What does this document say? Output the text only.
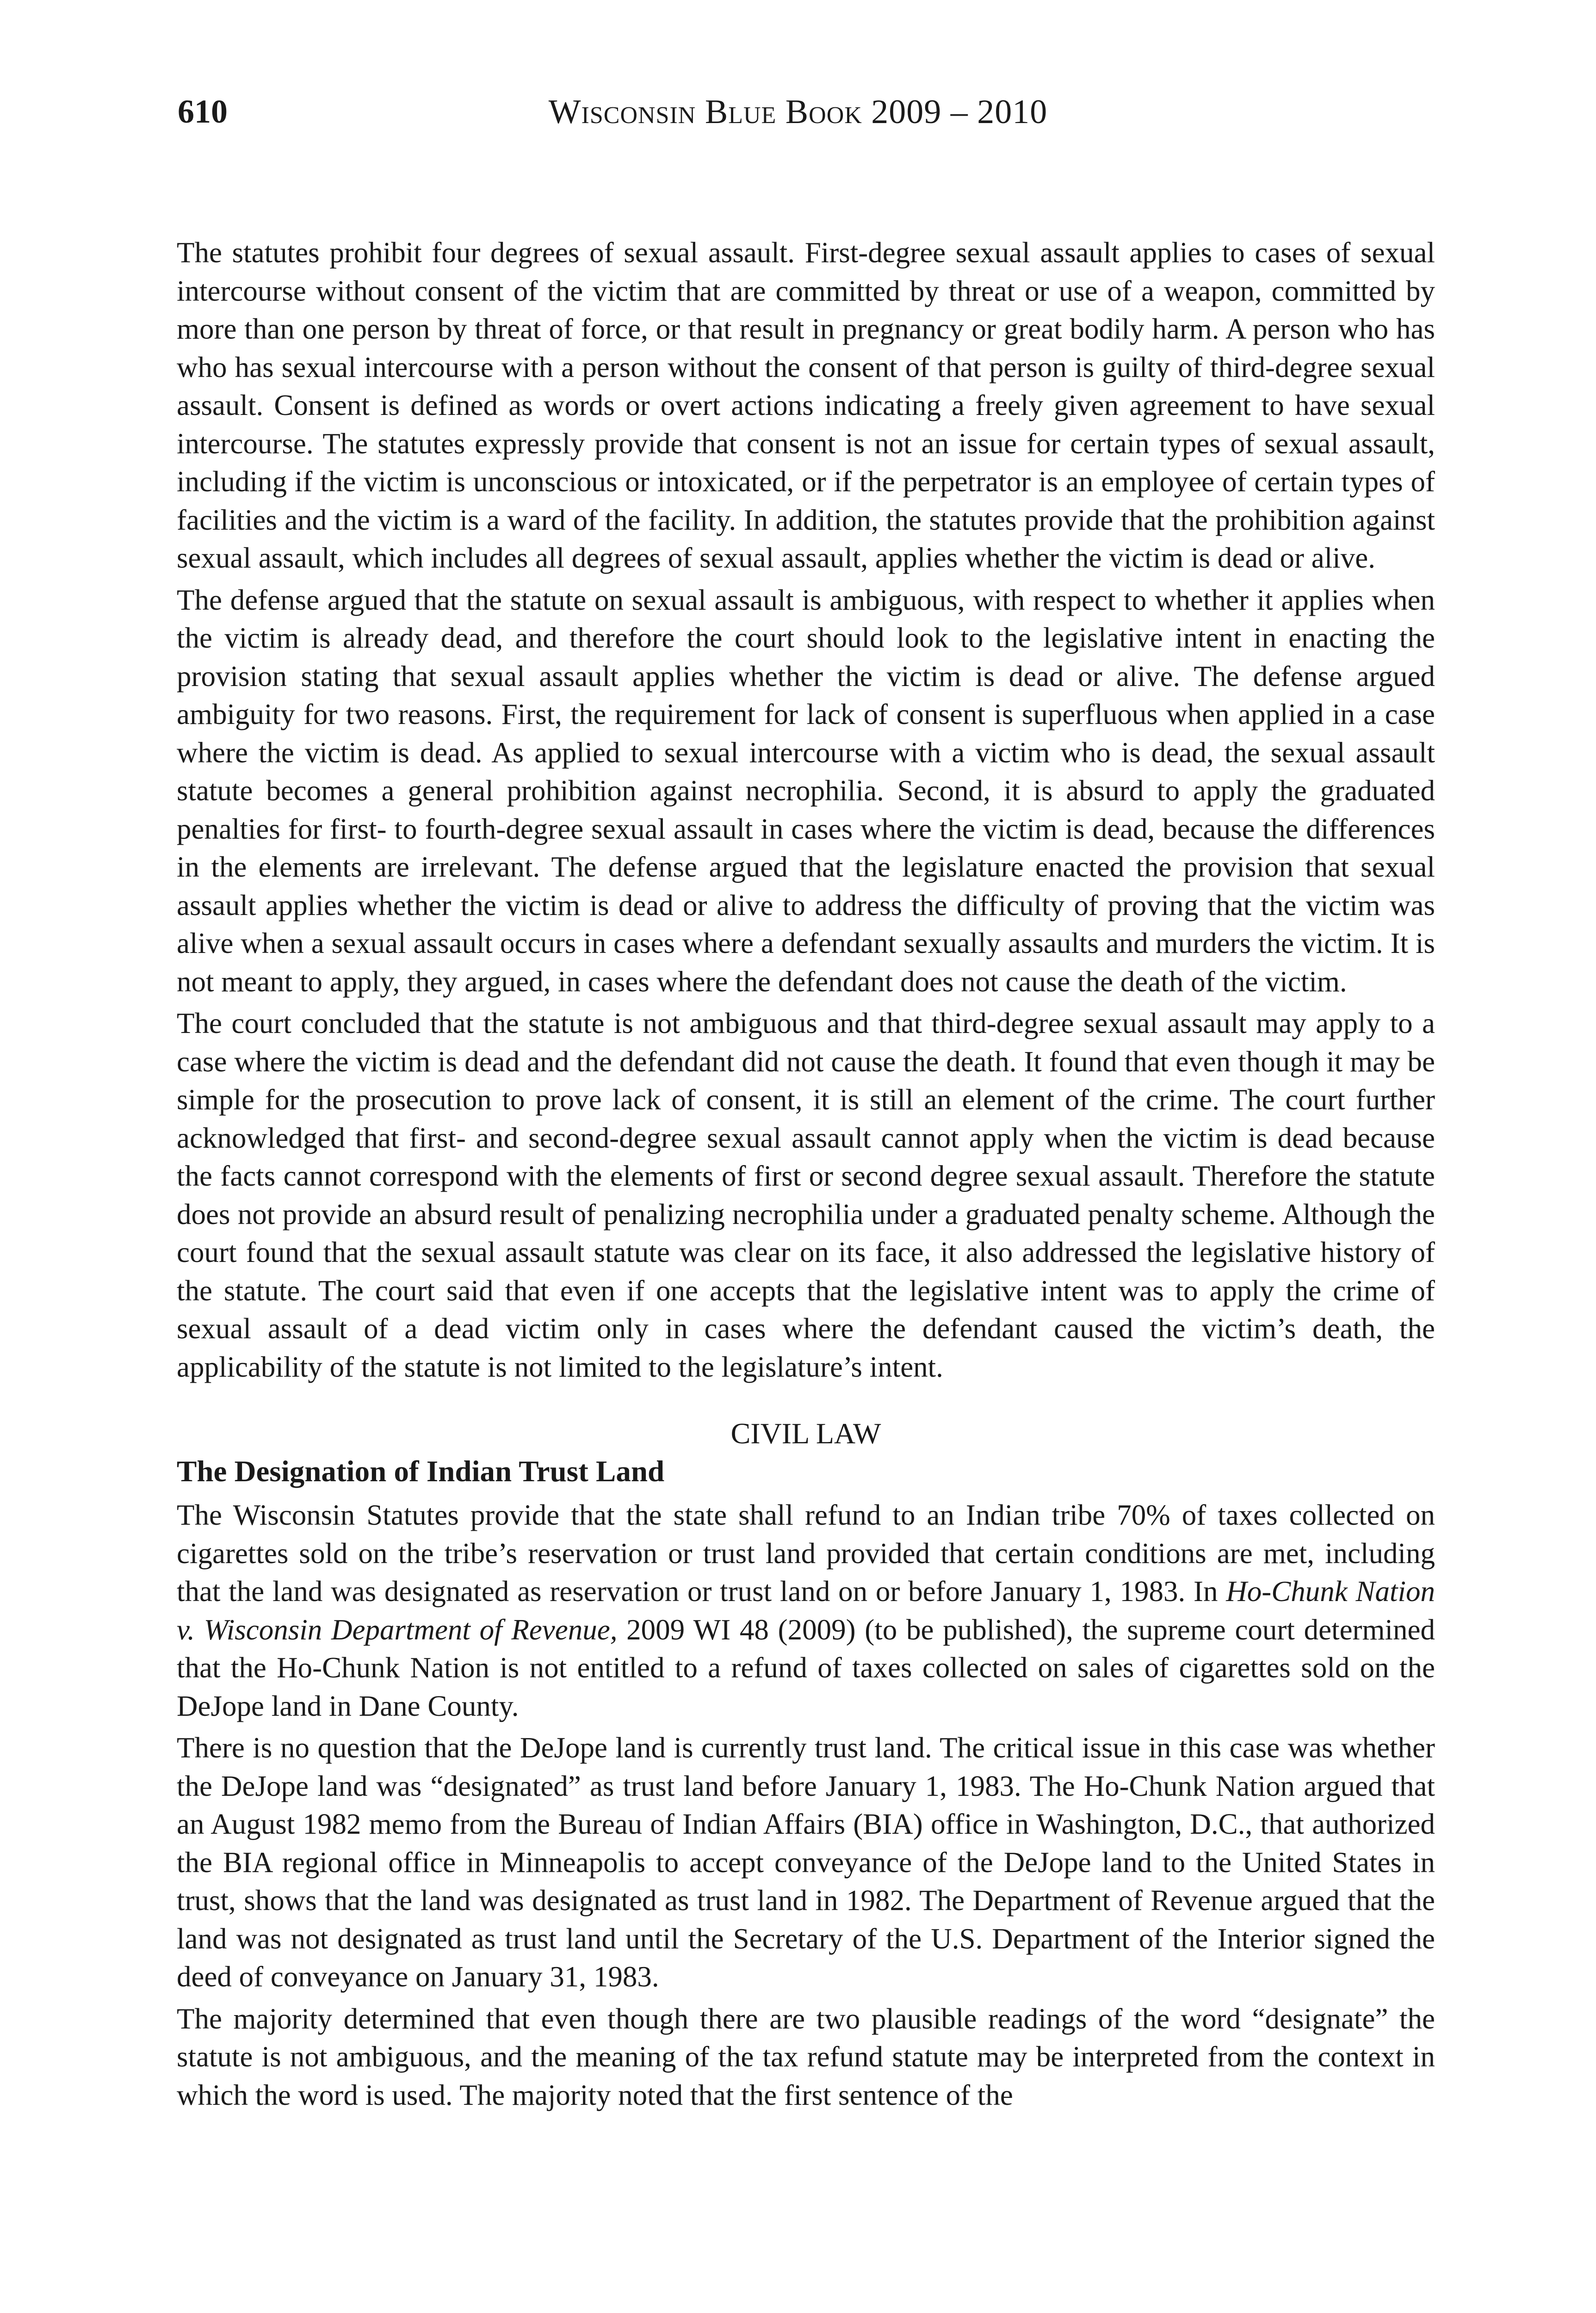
610	Wisconsin Blue Book 2009 – 2010

The statutes prohibit four degrees of sexual assault. First-degree sexual assault applies to cases of sexual intercourse without consent of the victim that are committed by threat or use of a weapon, committed by more than one person by threat of force, or that result in pregnancy or great bodily harm. A person who has who has sexual intercourse with a person without the consent of that person is guilty of third-degree sexual assault. Consent is defined as words or overt actions indicating a freely given agreement to have sexual intercourse. The statutes expressly provide that consent is not an issue for certain types of sexual assault, including if the victim is unconscious or intoxicated, or if the perpetrator is an employee of certain types of facilities and the victim is a ward of the facility. In addition, the statutes provide that the prohibition against sexual assault, which includes all degrees of sexual assault, applies whether the victim is dead or alive.

The defense argued that the statute on sexual assault is ambiguous, with respect to whether it applies when the victim is already dead, and therefore the court should look to the legislative intent in enacting the provision stating that sexual assault applies whether the victim is dead or alive. The defense argued ambiguity for two reasons. First, the requirement for lack of consent is superfluous when applied in a case where the victim is dead. As applied to sexual intercourse with a victim who is dead, the sexual assault statute becomes a general prohibition against necrophilia. Second, it is absurd to apply the graduated penalties for first- to fourth-degree sexual assault in cases where the victim is dead, because the differences in the elements are irrelevant. The defense argued that the legislature enacted the provision that sexual assault applies whether the victim is dead or alive to address the difficulty of proving that the victim was alive when a sexual assault occurs in cases where a defendant sexually assaults and murders the victim. It is not meant to apply, they argued, in cases where the defendant does not cause the death of the victim.

The court concluded that the statute is not ambiguous and that third-degree sexual assault may apply to a case where the victim is dead and the defendant did not cause the death. It found that even though it may be simple for the prosecution to prove lack of consent, it is still an element of the crime. The court further acknowledged that first- and second-degree sexual assault cannot apply when the victim is dead because the facts cannot correspond with the elements of first or second degree sexual assault. Therefore the statute does not provide an absurd result of penalizing necrophilia under a graduated penalty scheme. Although the court found that the sexual assault statute was clear on its face, it also addressed the legislative history of the statute. The court said that even if one accepts that the legislative intent was to apply the crime of sexual assault of a dead victim only in cases where the defendant caused the victim’s death, the applicability of the statute is not limited to the legislature’s intent.

CIVIL LAW
The Designation of Indian Trust Land

The Wisconsin Statutes provide that the state shall refund to an Indian tribe 70% of taxes collected on cigarettes sold on the tribe’s reservation or trust land provided that certain conditions are met, including that the land was designated as reservation or trust land on or before January 1, 1983. In Ho-Chunk Nation v. Wisconsin Department of Revenue, 2009 WI 48 (2009) (to be published), the supreme court determined that the Ho-Chunk Nation is not entitled to a refund of taxes collected on sales of cigarettes sold on the DeJope land in Dane County.

There is no question that the DeJope land is currently trust land. The critical issue in this case was whether the DeJope land was “designated” as trust land before January 1, 1983. The Ho-Chunk Nation argued that an August 1982 memo from the Bureau of Indian Affairs (BIA) office in Washington, D.C., that authorized the BIA regional office in Minneapolis to accept conveyance of the DeJope land to the United States in trust, shows that the land was designated as trust land in 1982. The Department of Revenue argued that the land was not designated as trust land until the Secretary of the U.S. Department of the Interior signed the deed of conveyance on January 31, 1983.

The majority determined that even though there are two plausible readings of the word “designate” the statute is not ambiguous, and the meaning of the tax refund statute may be interpreted from the context in which the word is used. The majority noted that the first sentence of the
